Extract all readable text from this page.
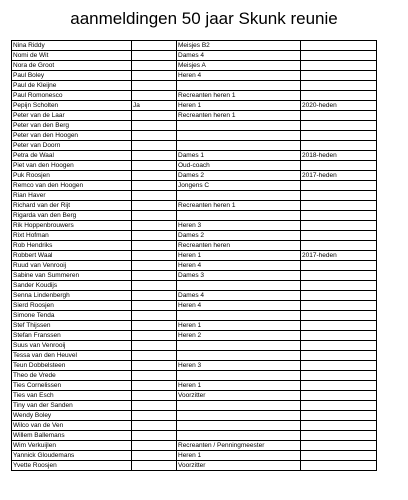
aanmeldingen 50 jaar Skunk reunie
Nina Riddy		Meisjes B2	
Nomi de Wit		Dames 4	
Nora de Groot		Meisjes A	
Paul Boley		Heren 4	
Paul de Kleijne			
Paul Romonesco		Recreanten heren 1	
Pepijn Scholten	Ja	Heren 1	2020-heden
Peter van de Laar		Recreanten heren 1	
Peter van den Berg			
Peter van den Hoogen			
Peter van Doorn			
Petra de Waal		Dames 1	2018-heden
Piet van den Hoogen		Oud-coach	
Puk Roosjen		Dames 2	2017-heden
Remco van den Hoogen		Jongens C	
Rian Haver			
Richard van der Rijt		Recreanten heren 1	
Rigarda van den Berg			
Rik Hoppenbrouwers		Heren 3	
Rixt Hofman		Dames 2	
Rob Hendriks		Recreanten heren	
Robbert Waal		Heren 1	2017-heden
Ruud van Venrooij		Heren 4	
Sabine van Summeren		Dames 3	
Sander Koudijs			
Senna Lindenbergh		Dames 4	
Sierd Roosjen		Heren 4	
Simone Tenda			
Stef Thijssen		Heren 1	
Stefan Franssen		Heren 2	
Suus van Venrooij			
Tessa van den Heuvel			
Teun Dobbelsteen		Heren 3	
Theo de Vrede			
Ties Cornelissen		Heren 1	
Ties van Esch		Voorzitter	
Tiny van der Sanden			
Wendy Boley			
Wilco van de Ven			
Willem Ballemans			
Wim Verkuijlen		Recreanten / Penningmeester	
Yannick Gloudemans		Heren 1	
Yvette Roosjen		Voorzitter	
